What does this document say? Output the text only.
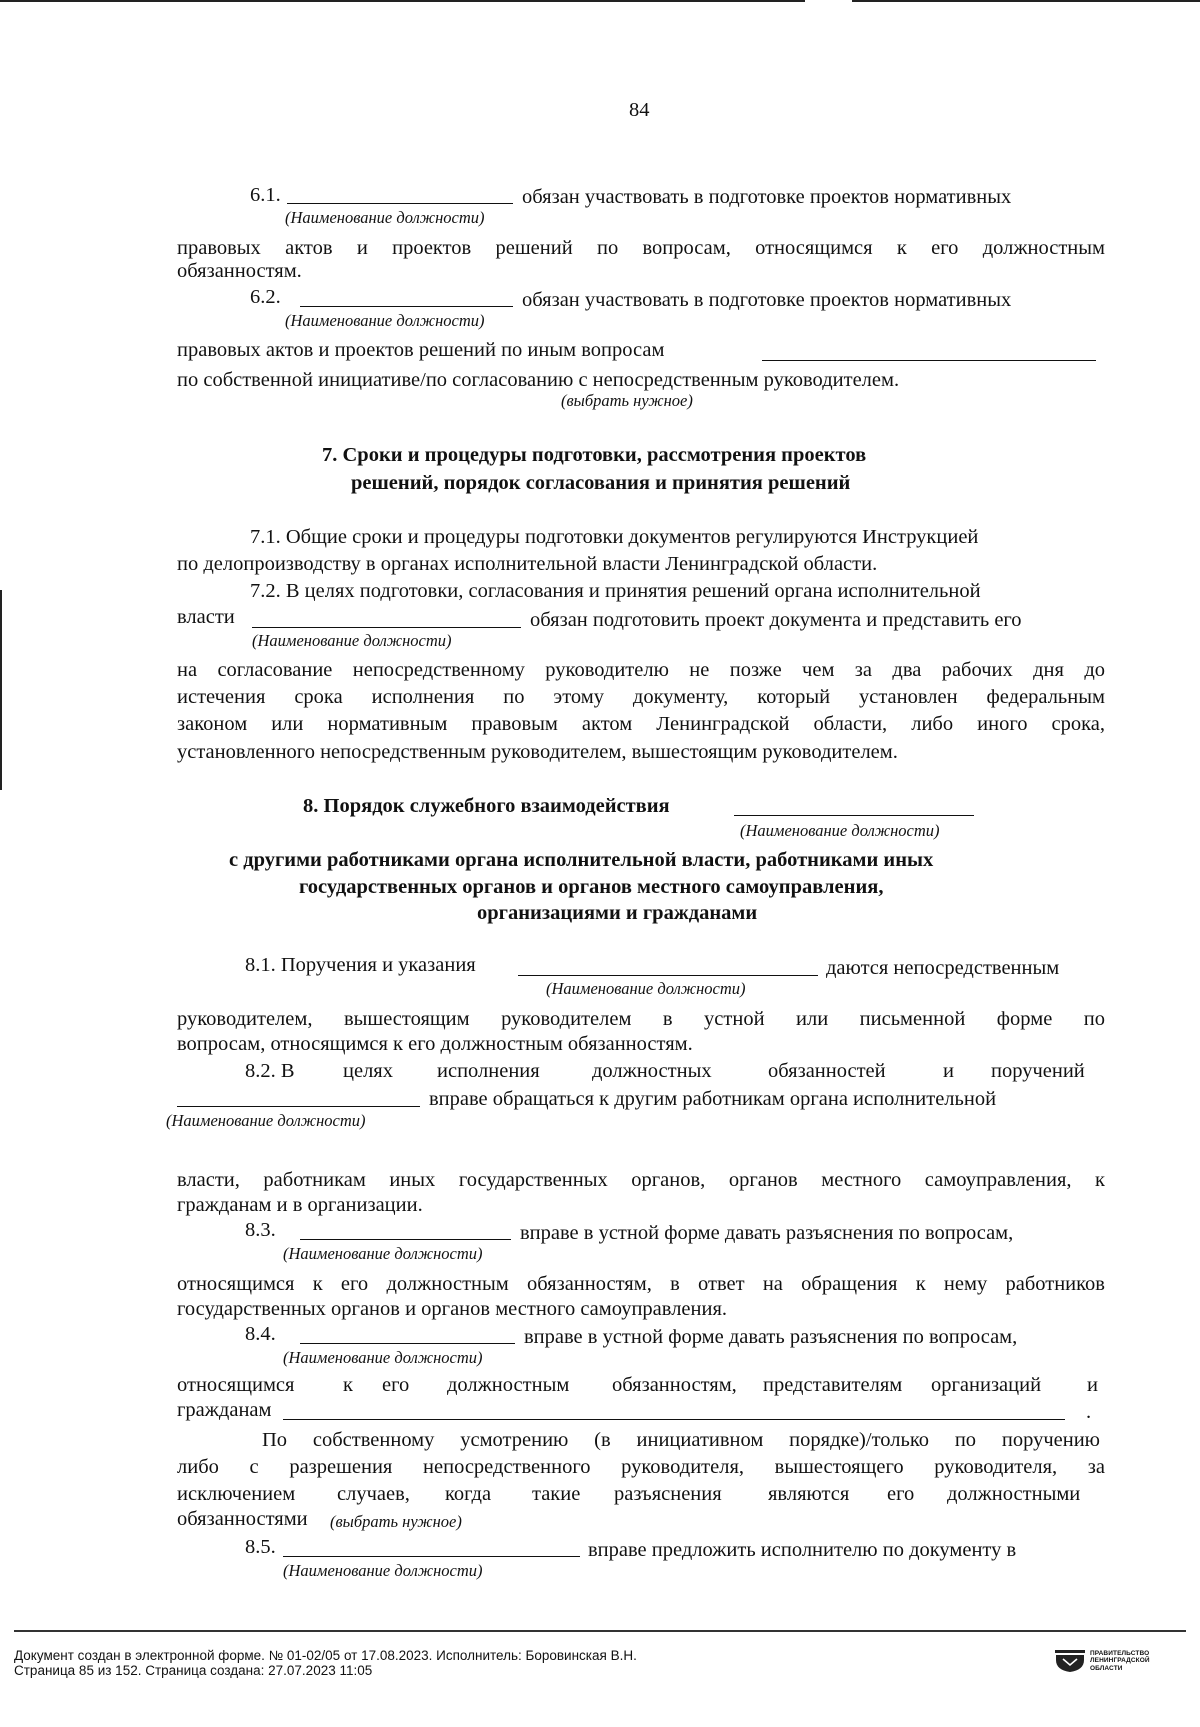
84
6.1.	обязан участвовать в подготовке проектов нормативных
(Наименование должности)
правовых актов и проектов решений по вопросам, относящимся к его должностным
обязанностям.
6.2.	обязан участвовать в подготовке проектов нормативных
(Наименование должности)
правовых актов и проектов решений по иным вопросам
по собственной инициативе/по согласованию с непосредственным руководителем.
(выбрать нужное)
7. Сроки и процедуры подготовки, рассмотрения проектов
решений, порядок согласования и принятия решений
7.1. Общие сроки и процедуры подготовки документов регулируются Инструкцией
по делопроизводству в органах исполнительной власти Ленинградской области.
7.2. В целях подготовки, согласования и принятия решений органа исполнительной
власти	обязан подготовить проект документа и представить его
(Наименование должности)
на согласование непосредственному руководителю не позже чем за два рабочих дня до
истечения срока исполнения по этому документу, который установлен федеральным
законом или нормативным правовым актом Ленинградской области, либо иного срока,
установленного непосредственным руководителем, вышестоящим руководителем.
8. Порядок служебного взаимодействия
(Наименование должности)
с другими работниками органа исполнительной власти, работниками иных
государственных органов и органов местного самоуправления,
организациями и гражданами
8.1. Поручения и указания	даются непосредственным
(Наименование должности)
руководителем, вышестоящим руководителем в устной или письменной форме по
вопросам, относящимся к его должностным обязанностям.
8.2. В целях исполнения	должностных	обязанностей	и поручений
вправе обращаться к другим работникам органа исполнительной
(Наименование должности)
власти, работникам иных государственных органов, органов местного самоуправления, к
гражданам и в организации.
8.3.	вправе в устной форме давать разъяснения по вопросам,
(Наименование должности)
относящимся к его должностным обязанностям, в ответ на обращения к нему работников
государственных органов и органов местного самоуправления.
8.4.	вправе в устной форме давать разъяснения по вопросам,
(Наименование должности)
относящимся к его должностным обязанностям, представителям организаций и
гражданам	.
По собственному усмотрению (в инициативном порядке)/только по поручению
либо с разрешения непосредственного руководителя, вышестоящего руководителя, за
исключением случаев, когда такие разъяснения являются его должностными
обязанностями (выбрать нужное)
8.5.	вправе предложить исполнителю по документу в
(Наименование должности)
Документ создан в электронной форме. № 01-02/05 от 17.08.2023. Исполнитель: Боровинская В.Н.
Страница 85 из 152. Страница создана: 27.07.2023 11:05
ПРАВИТЕЛЬСТВО
ЛЕНИНГРАДСКОЙ
ОБЛАСТИ
